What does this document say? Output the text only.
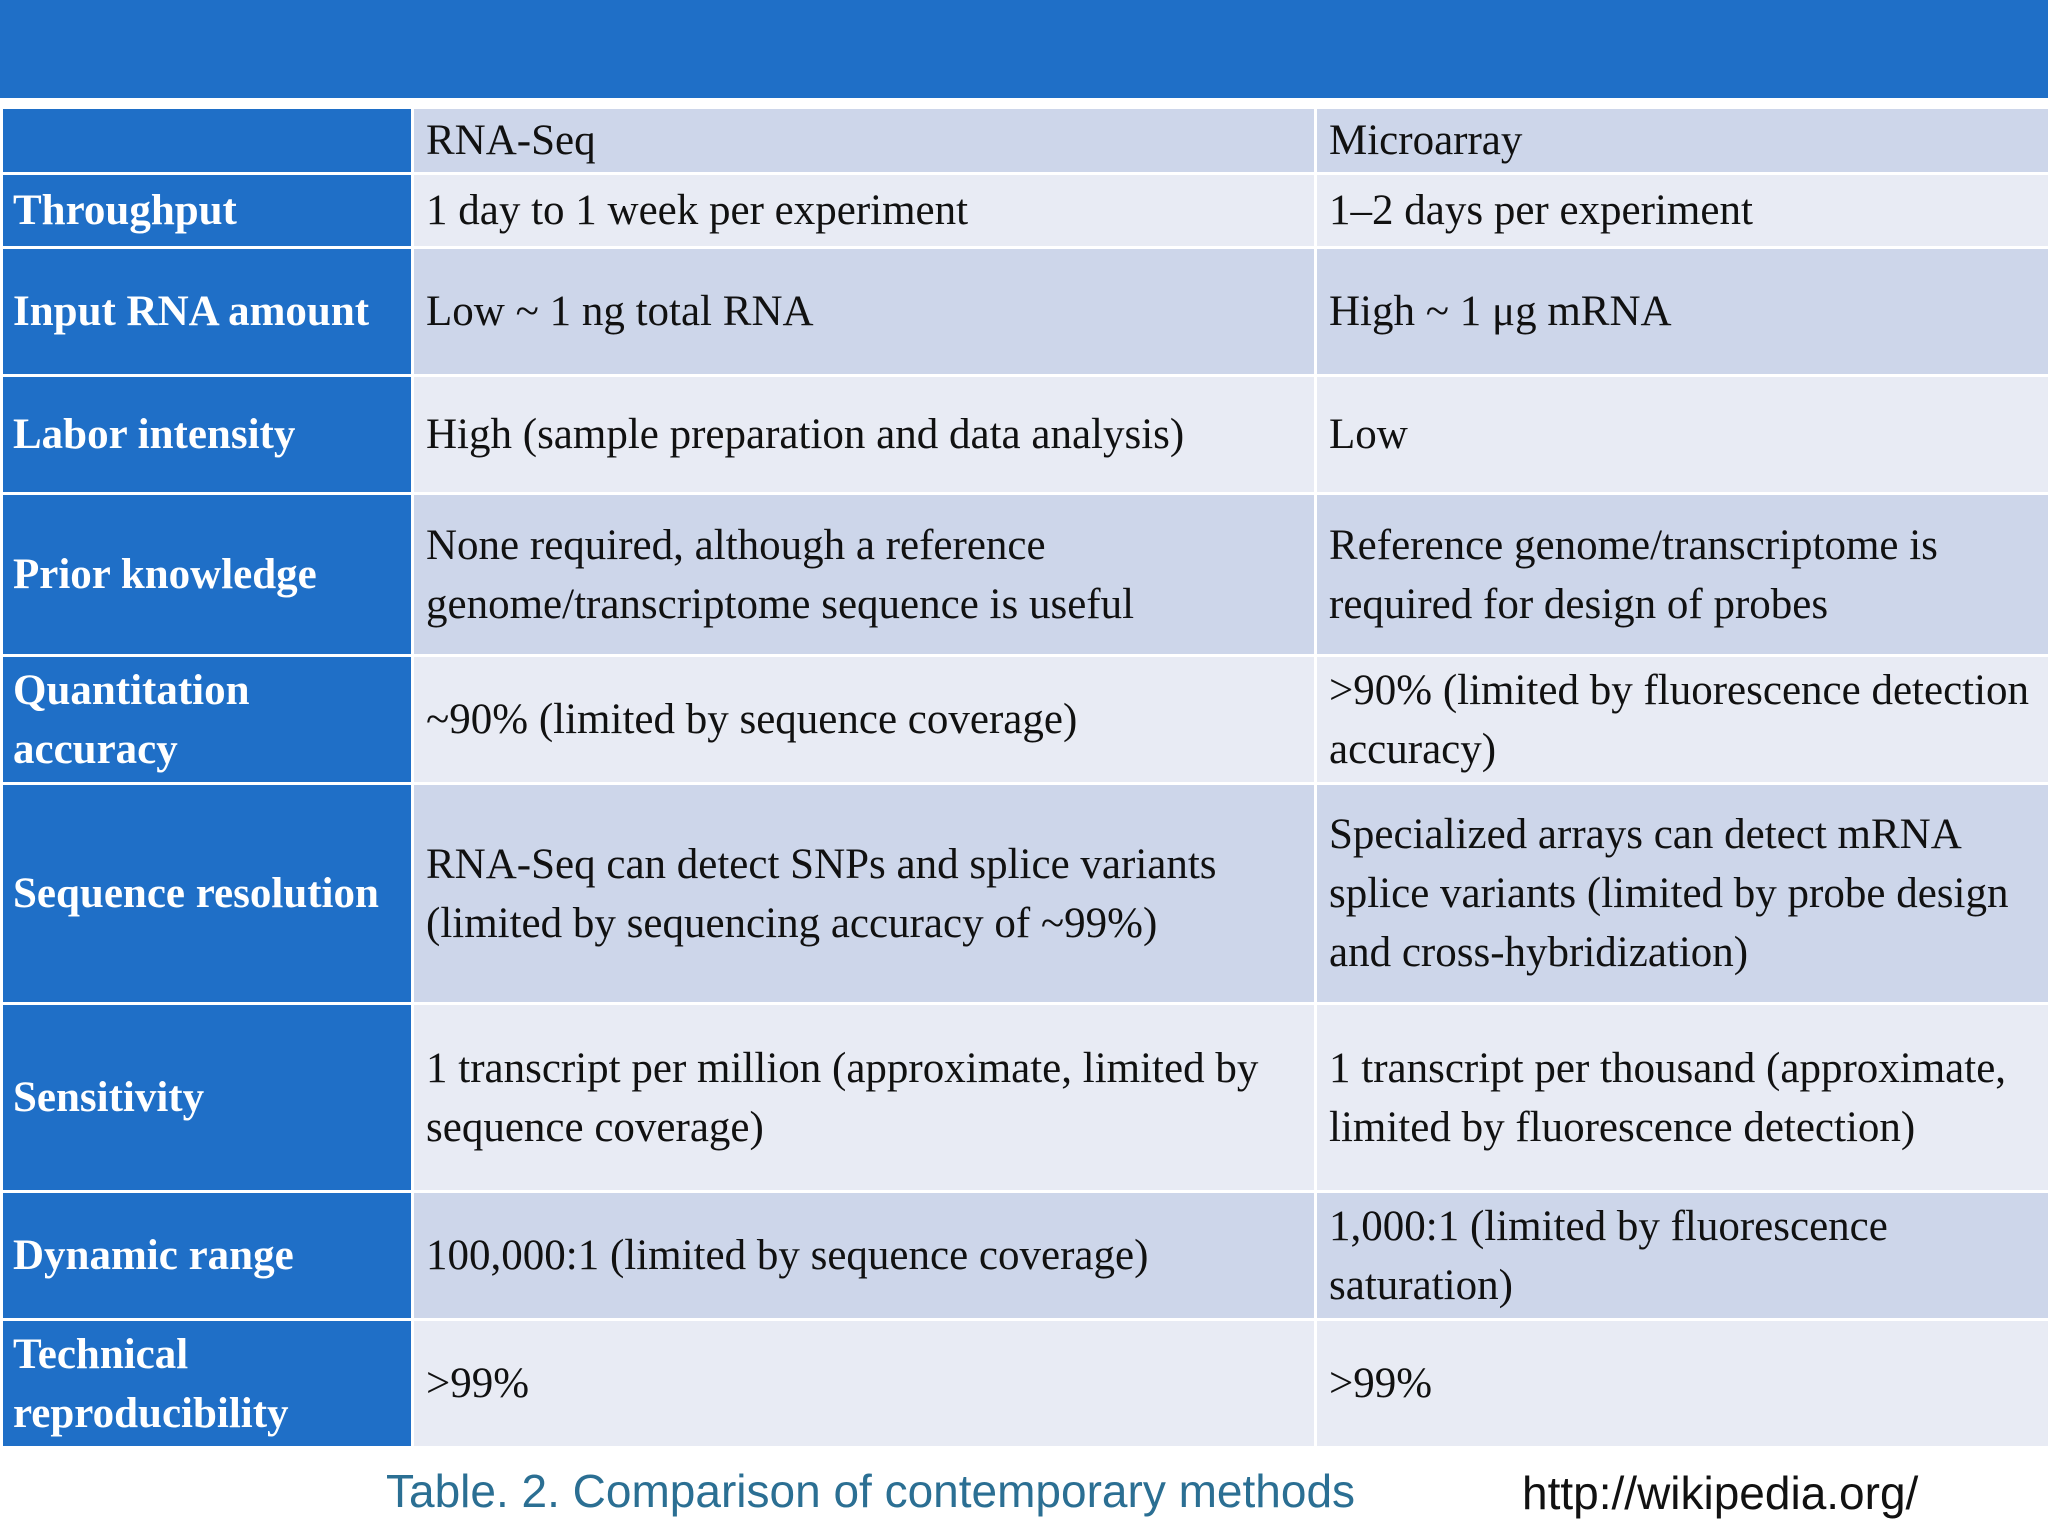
	RNA-Seq	Microarray
Throughput	1 day to 1 week per experiment	1–2 days per experiment
Input RNA amount	Low ~ 1 ng total RNA	High ~ 1 μg mRNA
Labor intensity	High (sample preparation and data analysis)	Low
Prior knowledge	None required, although a reference genome/transcriptome sequence is useful	Reference genome/transcriptome is required for design of probes
Quantitation accuracy	~90% (limited by sequence coverage)	>90% (limited by fluorescence detection accuracy)
Sequence resolution	RNA-Seq can detect SNPs and splice variants (limited by sequencing accuracy of ~99%)	Specialized arrays can detect mRNA splice variants (limited by probe design and cross-hybridization)
Sensitivity	1 transcript per million (approximate, limited by sequence coverage)	1 transcript per thousand (approximate, limited by fluorescence detection)
Dynamic range	100,000:1 (limited by sequence coverage)	1,000:1 (limited by fluorescence saturation)
Technical reproducibility	>99%	>99%
Table. 2. Comparison of contemporary methods	http://wikipedia.org/
